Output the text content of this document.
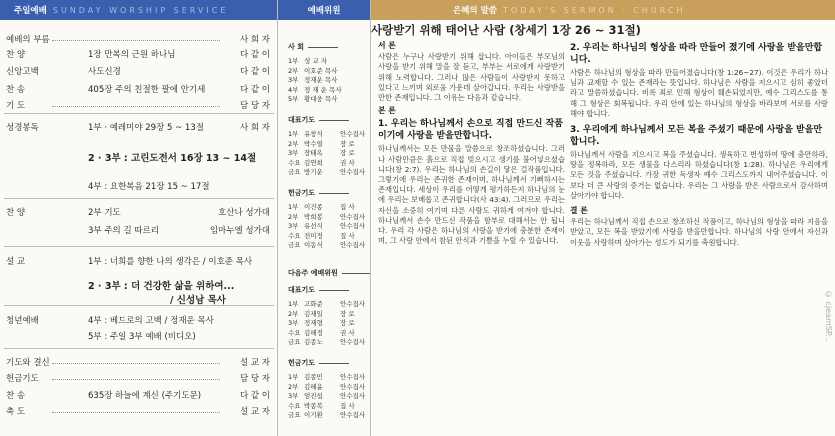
주일예배 SUNDAY WORSHIP SERVICE
예배의 부름	사 회 자
찬 양	1장 만복의 근원 하나님	다 같 이
신앙고백	사도신경	다 같 이
찬 송	405장 주의 친절한 팔에 안기세	다 같 이
기 도	담 당 자
성경봉독	1부 · 예레미야 29장 5 ~ 13절	사 회 자
2 · 3부 : 고린도전서 16장 13 ~ 14절
4부 : 요한복음 21장 15 ~ 17절
찬 양	2부 기도	호산나 성가대
3부 주의 길 따르리	임마누엘 성가대
설 교	1부 : 너희를 향한 나의 생각은 / 이호준 목사
2 · 3부 : 더 건강한 삶을 위하여...
/ 신성남 목사
청년예배	4부 : 베드로의 고백 / 정재운 목사
5부 : 주일 3부 예배 (비디오)
기도와 결신	설 교 자
헌금기도	담 당 자
찬 송	635장 하늘에 계신 (주기도문)	다 같 이
축 도	설 교 자
예배위원
사 회
1부 성 교 자
2부 이호준 목사
3부 정재운 목사
4부 정 재 운 목사
5부 황대웅 목사
대표기도
1부 유창식	안수집사
2부 박수열	장 로
3부 장태옥	장 로
수요 김연희	권 사
금요 방기운	안수집사
헌금기도
1부 이건종	집 사
2부 박희봉	안수집사
3부 유선식	안수집사
수요 전미정	집 사
금요 이동식	안수집사
다음주 예배위원
대표기도
1부 고화준	안수집사
2부 김재일	장 로
3부 정재형	장 로
수요 김해정	권 사
금요 김종노	안수집사
헌금기도
1부 김종민	안수집사
2부 김해윤	안수집사
3부 엄진섭	안수집사
수요 박종복	집 사
금요 이기환	안수집사
은혜의 말씀 TODAY'S SERMON · CHURCH
사랑받기 위해 태어난 사람 (창세기 1장 26 ~ 31절)
서 론
사람은 누구나 사랑받기 위해 삽니다. 아이들은 부모님의 사랑을 받기 위해 말을 잘 듣고, 부부는 서로에게 사랑받기 위해 노력합니다. 그러나 많은 사람들이 사랑받지 못하고 있다고 느끼며 외로움 가운데 살아갑니다. 우리는 사랑받을 만한 존재입니다. 그 이유는 다음과 같습니다.
본 론
1. 우리는 하나님께서 손으로 직접 만드신 작품이기에 사랑을 받을만합니다.
하나님께서는 모든 만물을 말씀으로 창조하셨습니다. 그러나 사람만큼은 흙으로 직접 빚으시고 생기를 불어넣으셨습니다(창 2:7). 우리는 하나님의 손길이 닿은 걸작품입니다. 그렇기에 우리는 존귀한 존재이며, 하나님께서 기뻐하시는 존재입니다. 세상이 우리를 어떻게 평가하든지 하나님의 눈에 우리는 보배롭고 존귀합니다(사 43:4). 그러므로 우리는 자신을 소중히 여기며 다른 사람도 귀하게 여겨야 합니다. 하나님께서 손수 만드신 작품을 함부로 대해서는 안 됩니다. 우리 각 사람은 하나님의 사랑을 받기에 충분한 존재이며, 그 사랑 안에서 참된 안식과 기쁨을 누릴 수 있습니다.
2. 우리는 하나님의 형상을 따라 만들어 졌기에 사랑을 받을만합니다.
사람은 하나님의 형상을 따라 만들어졌습니다(창 1:26~27). 이것은 우리가 하나님과 교제할 수 있는 존재라는 뜻입니다. 하나님은 사람을 지으시고 심히 좋았더라고 말씀하셨습니다. 비록 죄로 인해 형상이 훼손되었지만, 예수 그리스도를 통해 그 형상은 회복됩니다. 우리 안에 있는 하나님의 형상을 바라보며 서로를 사랑해야 합니다.
3. 우리에게 하나님께서 모든 복을 주셨기 때문에 사랑을 받을만합니다.
하나님께서 사람을 지으시고 복을 주셨습니다. 생육하고 번성하여 땅에 충만하라, 땅을 정복하라, 모든 생물을 다스리라 하셨습니다(창 1:28). 하나님은 우리에게 모든 것을 주셨습니다. 가장 귀한 독생자 예수 그리스도까지 내어주셨습니다. 이보다 더 큰 사랑의 증거는 없습니다. 우리는 그 사랑을 받은 사람으로서 감사하며 살아가야 합니다.
결 론
우리는 하나님께서 직접 손으로 창조하신 작품이고, 하나님의 형상을 따라 지음을 받았고, 모든 복을 받았기에 사랑을 받을만합니다. 하나님의 사랑 안에서 자신과 이웃을 사랑하며 살아가는 성도가 되기를 축원합니다.
© cjeamSP...
